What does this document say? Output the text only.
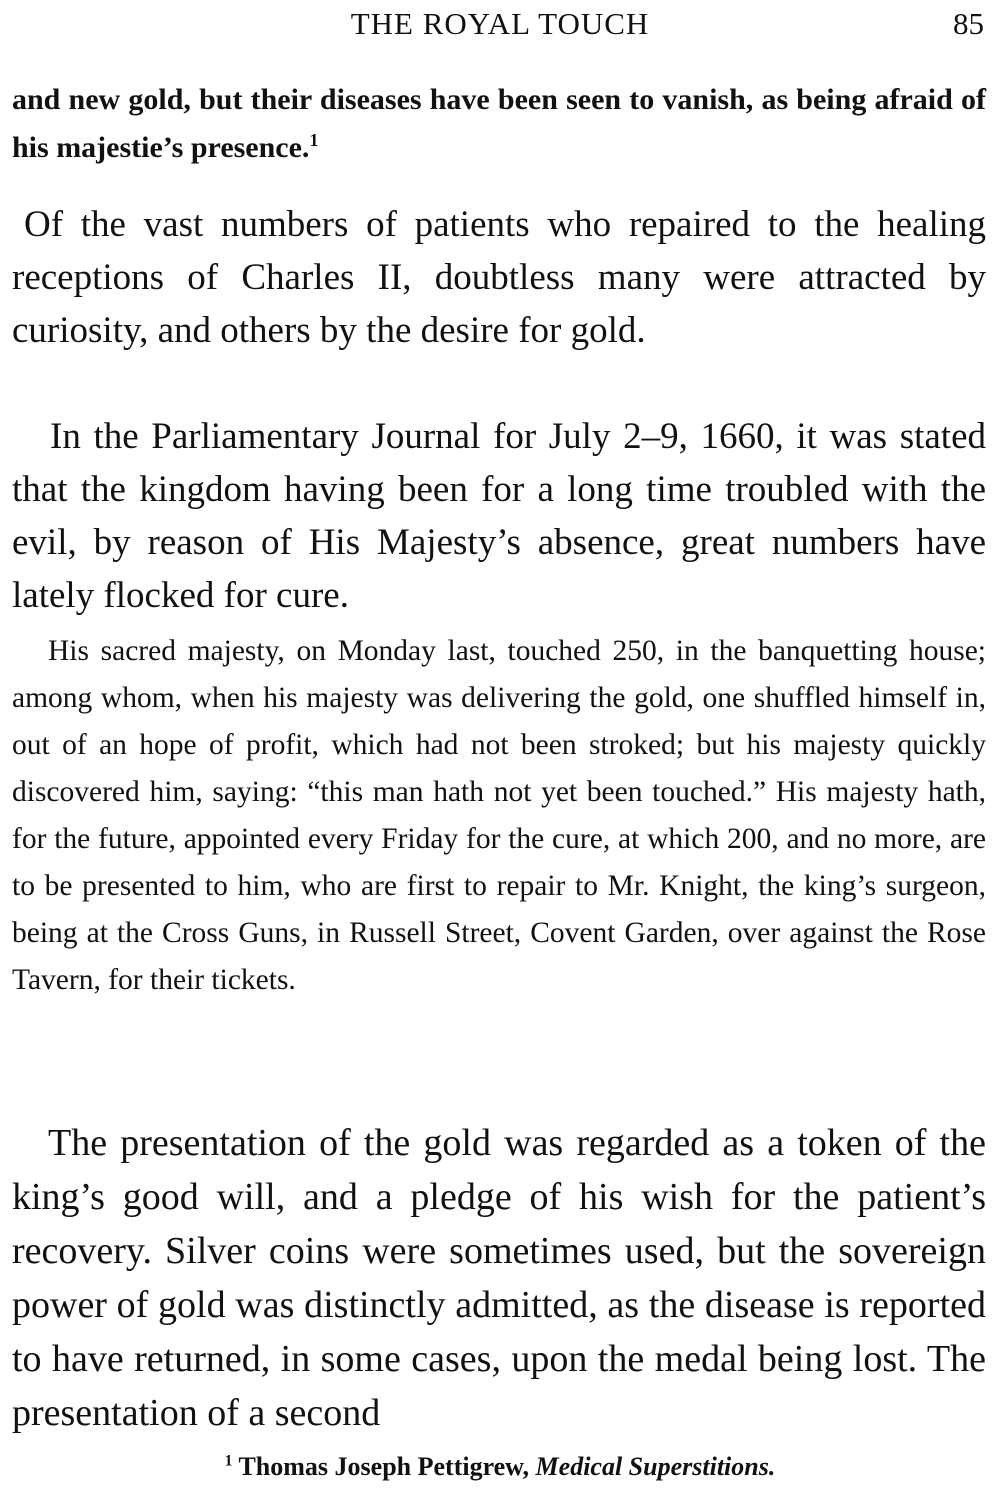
THE ROYAL TOUCH	85

and new gold, but their diseases have been seen to vanish, as being afraid of his majestie’s presence.$^1$

Of the vast numbers of patients who repaired to the healing receptions of Charles II, doubtless many were attracted by curiosity, and others by the desire for gold.

In the Parliamentary Journal for July 2–9, 1660, it was stated that the kingdom having been for a long time troubled with the evil, by reason of His Majesty’s absence, great numbers have lately flocked for cure.

His sacred majesty, on Monday last, touched 250, in the banquetting house; among whom, when his majesty was delivering the gold, one shuffled himself in, out of an hope of profit, which had not been stroked; but his majesty quickly discovered him, saying: “this man hath not yet been touched.” His majesty hath, for the future, appointed every Friday for the cure, at which 200, and no more, are to be presented to him, who are first to repair to Mr. Knight, the king’s surgeon, being at the Cross Guns, in Russell Street, Covent Garden, over against the Rose Tavern, for their tickets.

The presentation of the gold was regarded as a token of the king’s good will, and a pledge of his wish for the patient’s recovery. Silver coins were sometimes used, but the sovereign power of gold was distinctly admitted, as the disease is reported to have returned, in some cases, upon the medal being lost. The presentation of a second

$^1$ Thomas Joseph Pettigrew, Medical Superstitions.
